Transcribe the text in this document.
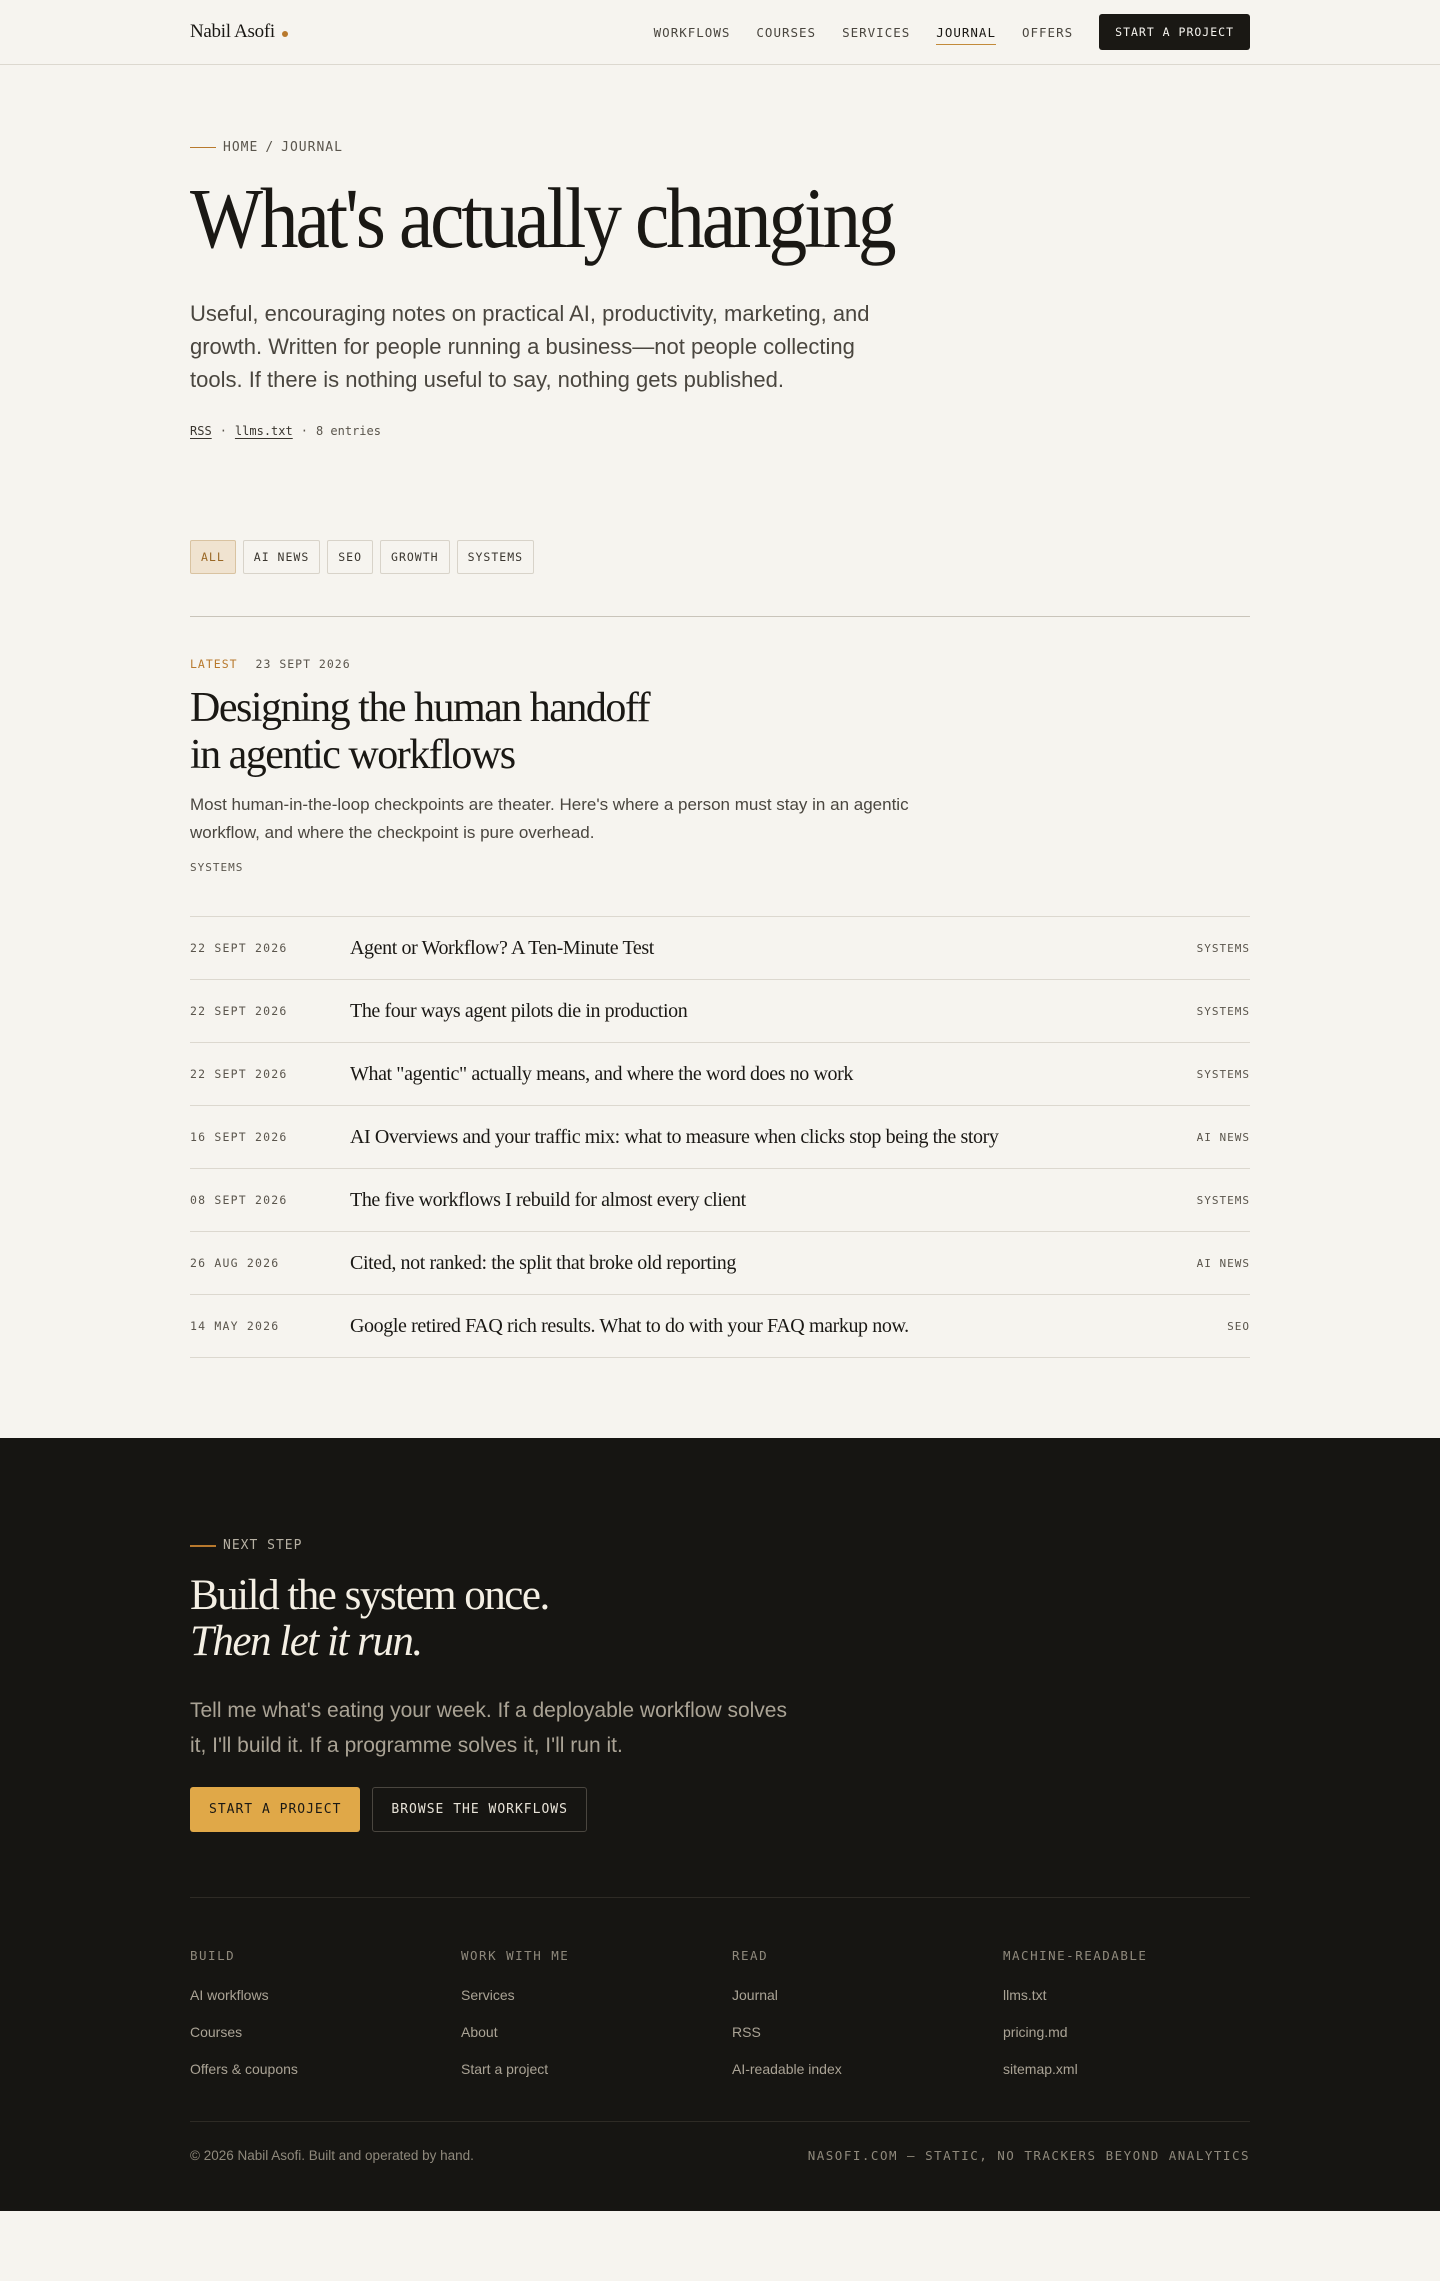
Nabil Asofi	WORKFLOWS COURSES SERVICES JOURNAL OFFERS	START A PROJECT
HOME / JOURNAL
What's actually changing

Useful, encouraging notes on practical AI, productivity, marketing, and growth. Written for people running a business—not people collecting tools. If there is nothing useful to say, nothing gets published.

RSS · llms.txt · 8 entries
ALL	AI NEWS	SEO	GROWTH	SYSTEMS
LATEST 23 SEPT 2026
Designing the human handoff in agentic workflows

Most human-in-the-loop checkpoints are theater. Here's where a person must stay in an agentic workflow, and where the checkpoint is pure overhead.

SYSTEMS
22 SEPT 2026	Agent or Workflow? A Ten-Minute Test	SYSTEMS
22 SEPT 2026	The four ways agent pilots die in production	SYSTEMS
22 SEPT 2026	What "agentic" actually means, and where the word does no work	SYSTEMS
16 SEPT 2026	AI Overviews and your traffic mix: what to measure when clicks stop being the story	AI NEWS
08 SEPT 2026	The five workflows I rebuild for almost every client	SYSTEMS
26 AUG 2026	Cited, not ranked: the split that broke old reporting	AI NEWS
14 MAY 2026	Google retired FAQ rich results. What to do with your FAQ markup now.	SEO
NEXT STEP
Build the system once.
Then let it run.

Tell me what's eating your week. If a deployable workflow solves it, I'll build it. If a programme solves it, I'll run it.

START A PROJECT	BROWSE THE WORKFLOWS
BUILD
AI workflows
Courses
Offers & coupons
WORK WITH ME
Services
About
Start a project
READ
Journal
RSS
AI-readable index
MACHINE-READABLE
llms.txt
pricing.md
sitemap.xml
© 2026 Nabil Asofi. Built and operated by hand.	NASOFI.COM — STATIC, NO TRACKERS BEYOND ANALYTICS
